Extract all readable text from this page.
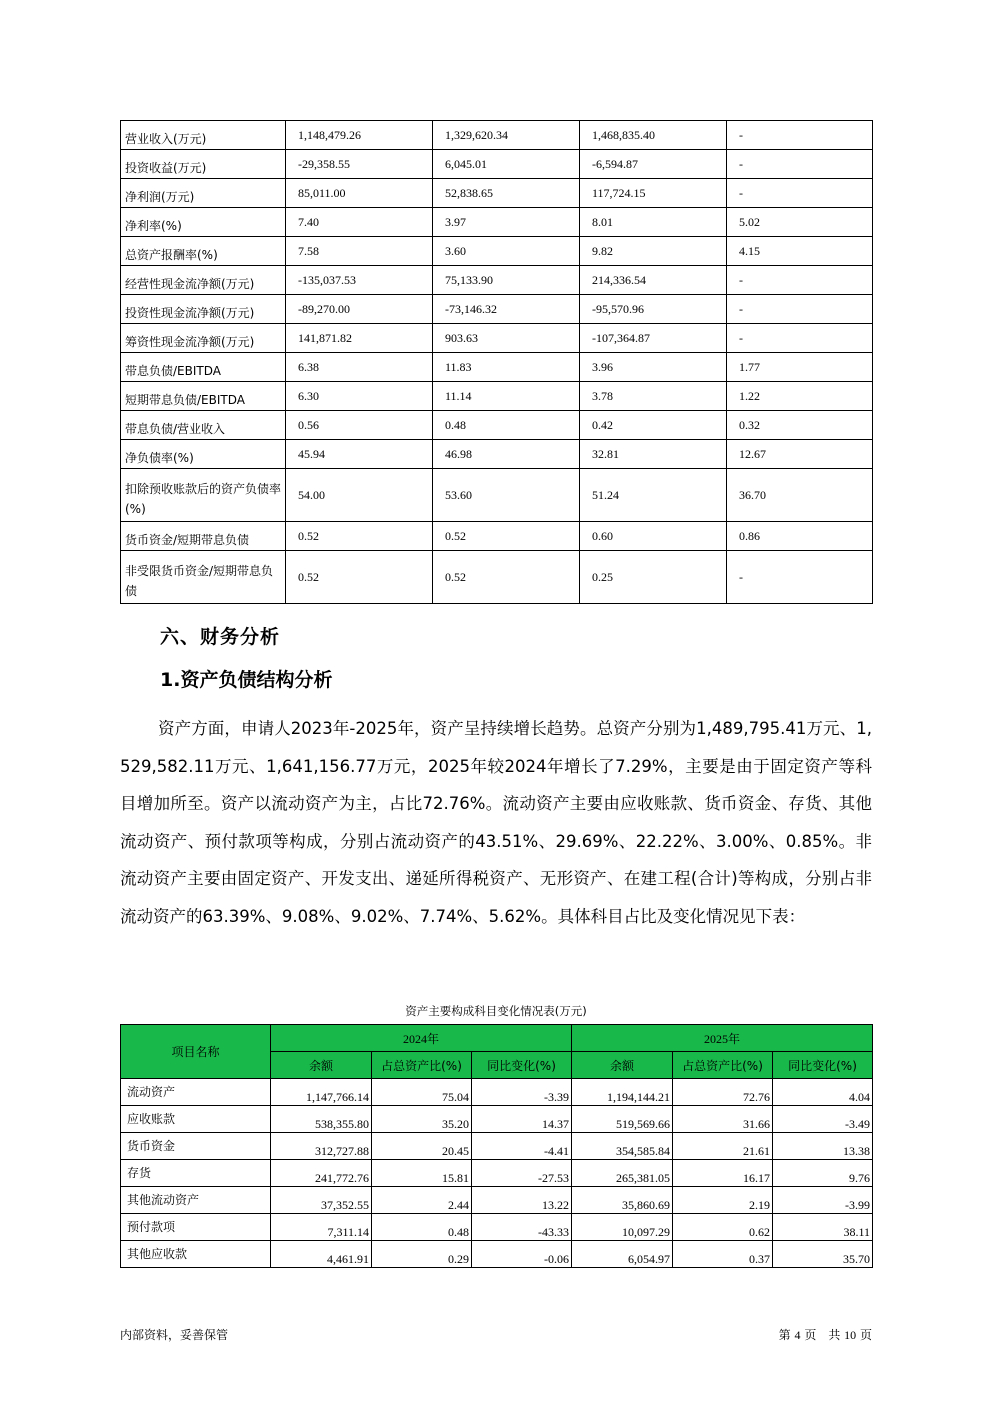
营业收入(万元)	1,148,479.26	1,329,620.34	1,468,835.40	-
投资收益(万元)	-29,358.55	6,045.01	-6,594.87	-
净利润(万元)	85,011.00	52,838.65	117,724.15	-
净利率(%)	7.40	3.97	8.01	5.02
总资产报酬率(%)	7.58	3.60	9.82	4.15
经营性现金流净额(万元)	-135,037.53	75,133.90	214,336.54	-
投资性现金流净额(万元)	-89,270.00	-73,146.32	-95,570.96	-
筹资性现金流净额(万元)	141,871.82	903.63	-107,364.87	-
带息负债/EBITDA	6.38	11.83	3.96	1.77
短期带息负债/EBITDA	6.30	11.14	3.78	1.22
带息负债/营业收入	0.56	0.48	0.42	0.32
净负债率(%)	45.94	46.98	32.81	12.67
扣除预收账款后的资产负债率(%)	54.00	53.60	51.24	36.70
货币资金/短期带息负债	0.52	0.52	0.60	0.86
非受限货币资金/短期带息负债	0.52	0.52	0.25	-
六、财务分析
1.资产负债结构分析
资产方面，申请人2023年-2025年，资产呈持续增长趋势。总资产分别为1,489,795.41万元、1,529,582.11万元、1,641,156.77万元，2025年较2024年增长了7.29%，主要是由于固定资产等科目增加所至。资产以流动资产为主，占比72.76%。流动资产主要由应收账款、货币资金、存货、其他流动资产、预付款项等构成，分别占流动资产的43.51%、29.69%、22.22%、3.00%、0.85%。非流动资产主要由固定资产、开发支出、递延所得税资产、无形资产、在建工程(合计)等构成，分别占非流动资产的63.39%、9.08%、9.02%、7.74%、5.62%。具体科目占比及变化情况见下表：
资产主要构成科目变化情况表(万元)
项目名称	2024年			2025年		
	余额	占总资产比(%)	同比变化(%)	余额	占总资产比(%)	同比变化(%)
流动资产	1,147,766.14	75.04	-3.39	1,194,144.21	72.76	4.04
应收账款	538,355.80	35.20	14.37	519,569.66	31.66	-3.49
货币资金	312,727.88	20.45	-4.41	354,585.84	21.61	13.38
存货	241,772.76	15.81	-27.53	265,381.05	16.17	9.76
其他流动资产	37,352.55	2.44	13.22	35,860.69	2.19	-3.99
预付款项	7,311.14	0.48	-43.33	10,097.29	0.62	38.11
其他应收款	4,461.91	0.29	-0.06	6,054.97	0.37	35.70
内部资料，妥善保管	第 4 页　共 10 页
